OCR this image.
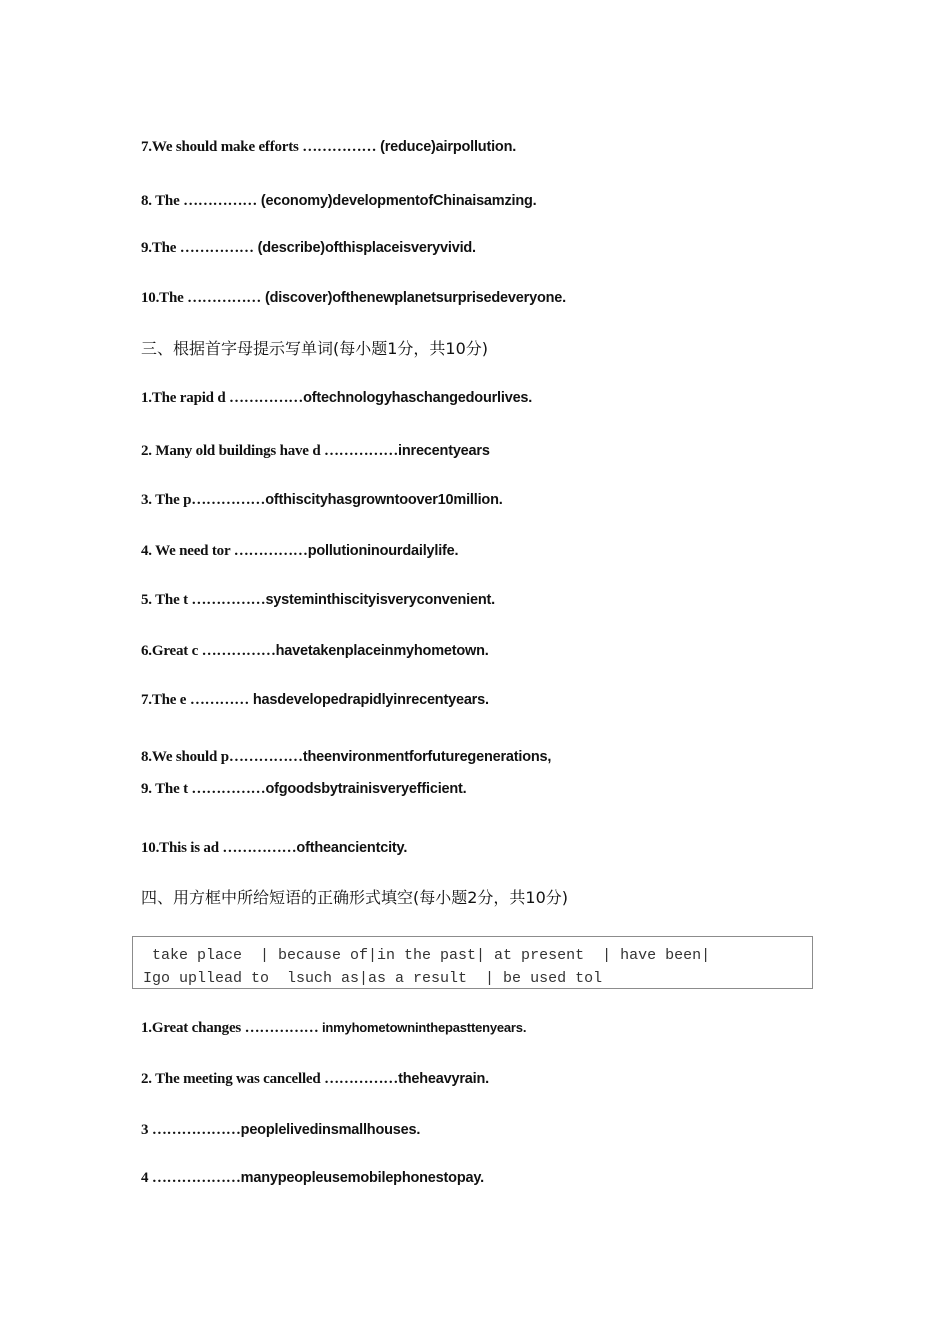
7.We should make efforts …………… (reduce)airpollution.
8. The …………… (economy)developmentofChinaisamzing.
9.The …………… (describe)ofthisplaceisveryvivid.
10.The …………… (discover)ofthenewplanetsurprisedeveryone.
三、根据首字母提示写单词(每小题1分，共10分)
1.The rapid d ……………oftechnologyhaschangedourlives.
2. Many old buildings have d ……………inrecentyears
3. The p……………ofthiscityhasgrowntoover10million.
4. We need tor ……………pollutioninourdailylife.
5. The t ……………systeminthiscityisveryconvenient.
6.Great c ……………havetakenplaceinmyhometown.
7.The e ………… hasdevelopedrapidlyinrecentyears.
8.We should p……………theenvironmentforfuturegenerations,
9. The t ……………ofgoodsbytrainisveryefficient.
10.This is ad ……………oftheancientcity.
四、用方框中所给短语的正确形式填空(每小题2分，共10分)
take place  | because of|in the past| at present  | have been|
Igo upllead to  lsuch as|as a result  | be used tol
1.Great changes …………… inmyhometowninthepasttenyears.
2. The meeting was cancelled ……………theheavyrain.
3 ………………peoplelivedinsmallhouses.
4 ………………manypeopleusemobilephonestopay.
